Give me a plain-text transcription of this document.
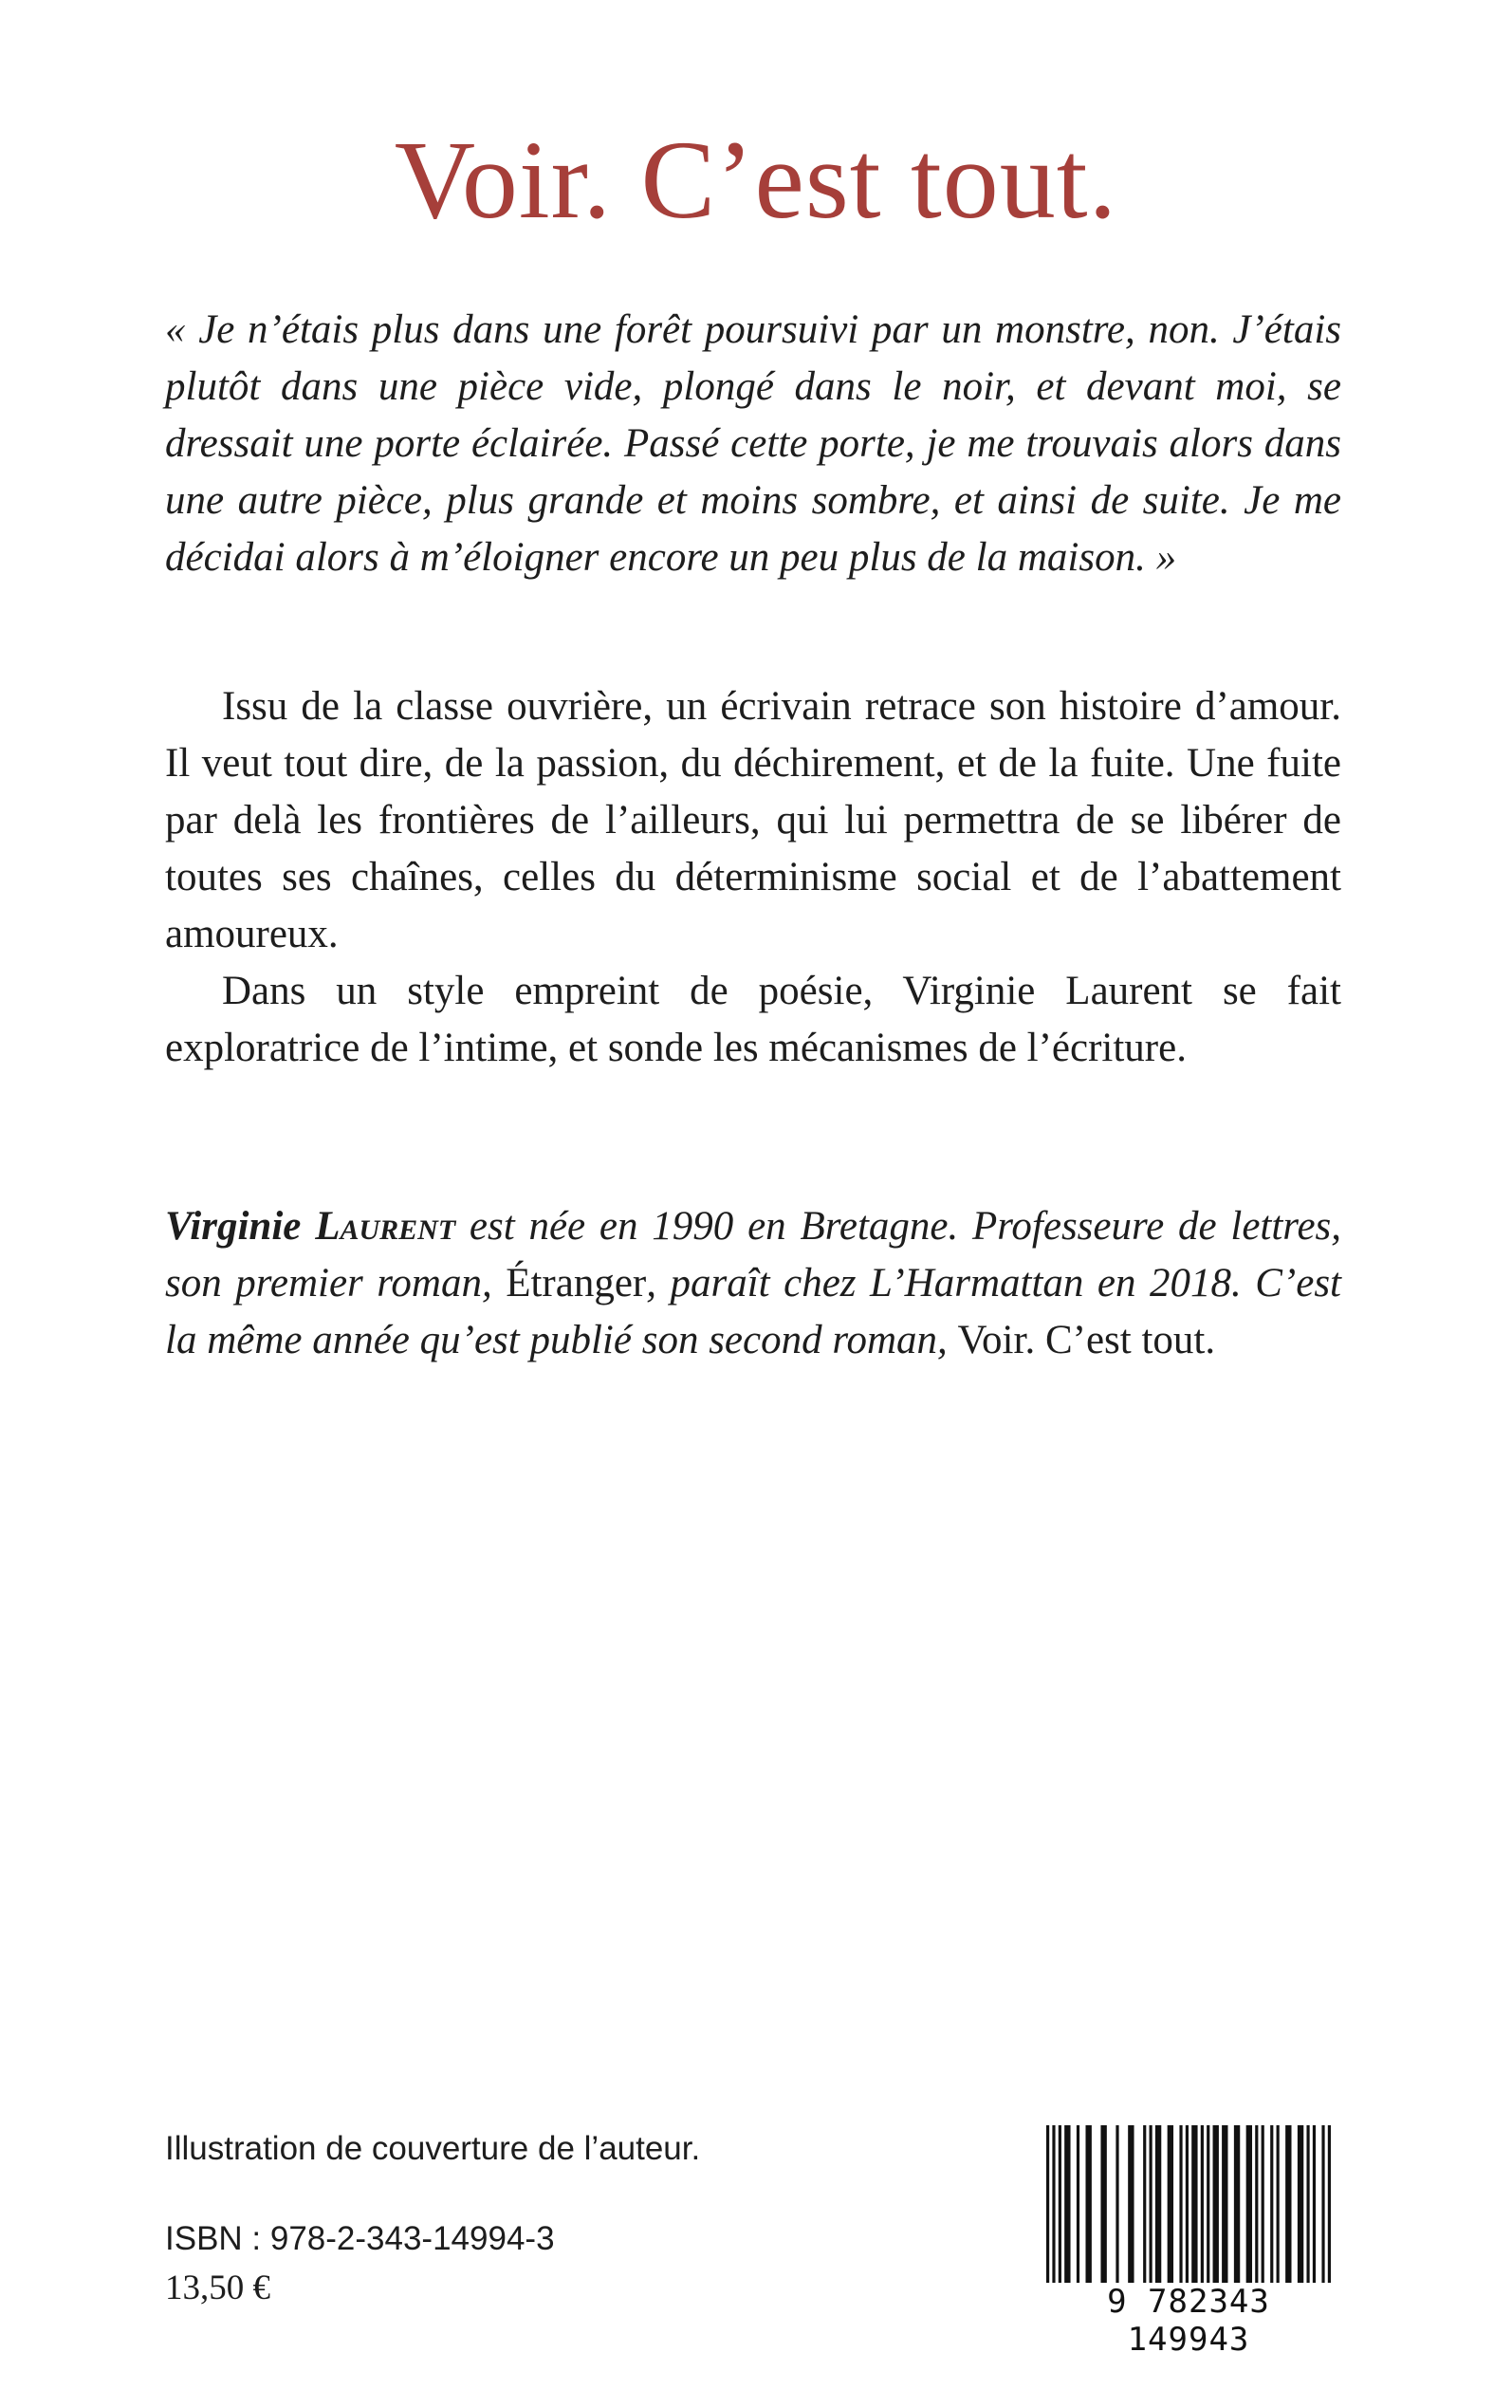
Voir. C’est tout.

« Je n’étais plus dans une forêt poursuivi par un monstre, non. J’étais plutôt dans une pièce vide, plongé dans le noir, et devant moi, se dressait une porte éclairée. Passé cette porte, je me trouvais alors dans une autre pièce, plus grande et moins sombre, et ainsi de suite. Je me décidai alors à m’éloigner encore un peu plus de la maison. »

Issu de la classe ouvrière, un écrivain retrace son histoire d’amour. Il veut tout dire, de la passion, du déchirement, et de la fuite. Une fuite par delà les frontières de l’ailleurs, qui lui permettra de se libérer de toutes ses chaînes, celles du déterminisme social et de l’abattement amoureux.

Dans un style empreint de poésie, Virginie Laurent se fait exploratrice de l’intime, et sonde les mécanismes de l’écriture.

Virginie Laurent est née en 1990 en Bretagne. Professeure de lettres, son premier roman, Étranger, paraît chez L’Harmattan en 2018. C’est la même année qu’est publié son second roman, Voir. C’est tout.

Illustration de couverture de l’auteur.

ISBN : 978-2-343-14994-3

13,50 €	9 782343 149943
